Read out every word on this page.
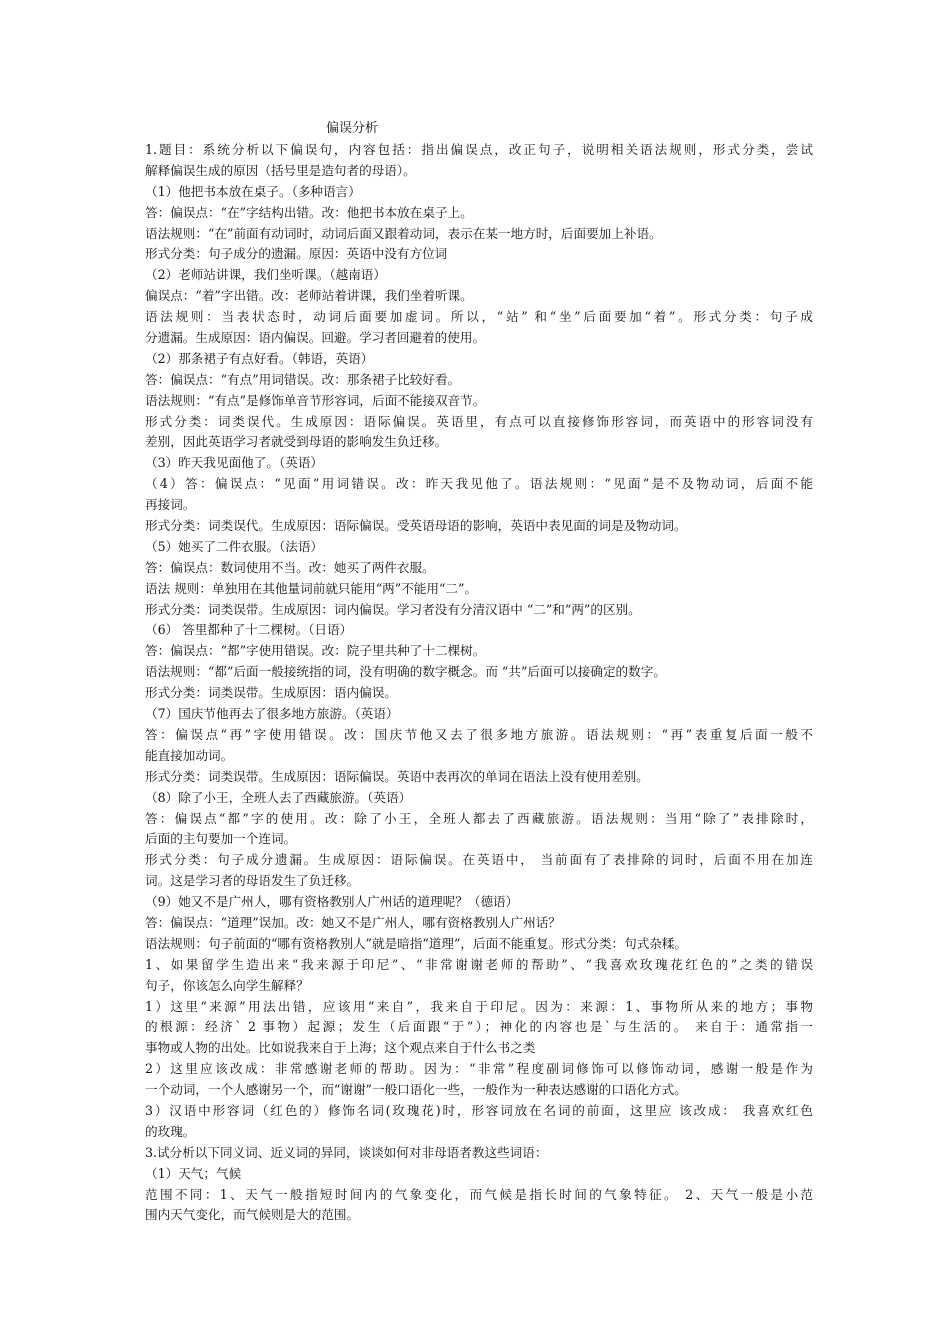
偏误分析
1.题目：系统分析以下偏误句，内容包括：指出偏误点，改正句子，说明相关语法规则，形式分类，尝试
解释偏误生成的原因（括号里是造句者的母语）。
（1）他把书本放在桌子。（多种语言）
答：偏误点：“在”字结构出错。改：他把书本放在桌子上。
语法规则：“在”前面有动词时，动词后面又跟着动词，表示在某一地方时，后面要加上补语。
形式分类：句子成分的遗漏。原因：英语中没有方位词
（2）老师站讲课，我们坐听课。（越南语）
偏误点：“着”字出错。改：老师站着讲课，我们坐着听课。
语法规则：当表状态时，动词后面要加虚词。所以，“站” 和“坐”后面要加“着”。形式分类：句子成
分遗漏。生成原因：语内偏误。回避。学习者回避着的使用。
（2）那条裙子有点好看。（韩语，英语）
答：偏误点：“有点”用词错误。改：那条裙子比较好看。
语法规则：“有点”是修饰单音节形容词，后面不能接双音节。
形式分类：词类误代。生成原因：语际偏误。英语里，有点可以直接修饰形容词，而英语中的形容词没有
差别，因此英语学习者就受到母语的影响发生负迁移。
（3）昨天我见面他了。（英语）
（4）答：偏误点：“见面”用词错误。改：昨天我见他了。语法规则：“见面”是不及物动词，后面不能
再接词。
形式分类：词类误代。生成原因：语际偏误。受英语母语的影响，英语中表见面的词是及物动词。
（5）她买了二件衣服。（法语）
答：偏误点：数词使用不当。改：她买了两件衣服。
语法 规则：单独用在其他量词前就只能用“两”不能用“二”。
形式分类：词类误带。生成原因：词内偏误。学习者没有分清汉语中 “二”和“两”的区别。
（6） 答里都种了十二棵树。（日语）
答：偏误点：“都”字使用错误。改：院子里共种了十二棵树。
语法规则：“都”后面一般接统指的词，没有明确的数字概念。而 “共”后面可以接确定的数字。
形式分类：词类误带。生成原因：语内偏误。
（7）国庆节他再去了很多地方旅游。（英语）
答：偏误点“再”字使用错误。改：国庆节他又去了很多地方旅游。语法规则：“再”表重复后面一般不
能直接加动词。
形式分类：词类误带。生成原因：语际偏误。英语中表再次的单词在语法上没有使用差别。
（8）除了小王，全班人去了西藏旅游。（英语）
答：偏误点“都”字的使用。改：除了小王，全班人都去了西藏旅游。语法规则：当用“除了”表排除时，
后面的主句要加一个连词。
形式分类：句子成分遗漏。生成原因：语际偏误。在英语中， 当前面有了表排除的词时，后面不用在加连
词。这是学习者的母语发生了负迁移。
（9）她又不是广州人，哪有资格教别人广州话的道理呢？（德语）
答：偏误点：“道理”误加。改：她又不是广州人，哪有资格教别人广州话？
语法规则：句子前面的“哪有资格教别人”就是暗指“道理”，后面不能重复。形式分类：句式杂糅。
1、如果留学生造出来“我来源于印尼”、“非常谢谢老师的帮助”、“我喜欢玫瑰花红色的”之类的错误
句子，你该怎么向学生解释？
1）这里“来源”用法出错，应该用“来自”，我来自于印尼。因为：来源：1、事物所从来的地方；事物
的根源：经济` 2 事物）起源；发生（后面跟“于”）；神化的内容也是`与生活的。 来自于：通常指一
事物或人物的出处。比如说我来自于上海；这个观点来自于什么书之类
2）这里应该改成：非常感谢老师的帮助。因为：“非常”程度副词修饰可以修饰动词，感谢一般是作为
一个动词，一个人感谢另一个，而“谢谢”一般口语化一些，一般作为一种表达感谢的口语化方式。
3）汉语中形容词（红色的）修饰名词(玫瑰花)时，形容词放在名词的前面，这里应 该改成： 我喜欢红色
的玫瑰。
3.试分析以下同义词、近义词的异同，谈谈如何对非母语者教这些词语：
（1）天气；气候
范围不同：1、天气一般指短时间内的气象变化，而气候是指长时间的气象特征。 2、天气一般是小范
围内天气变化，而气候则是大的范围。
